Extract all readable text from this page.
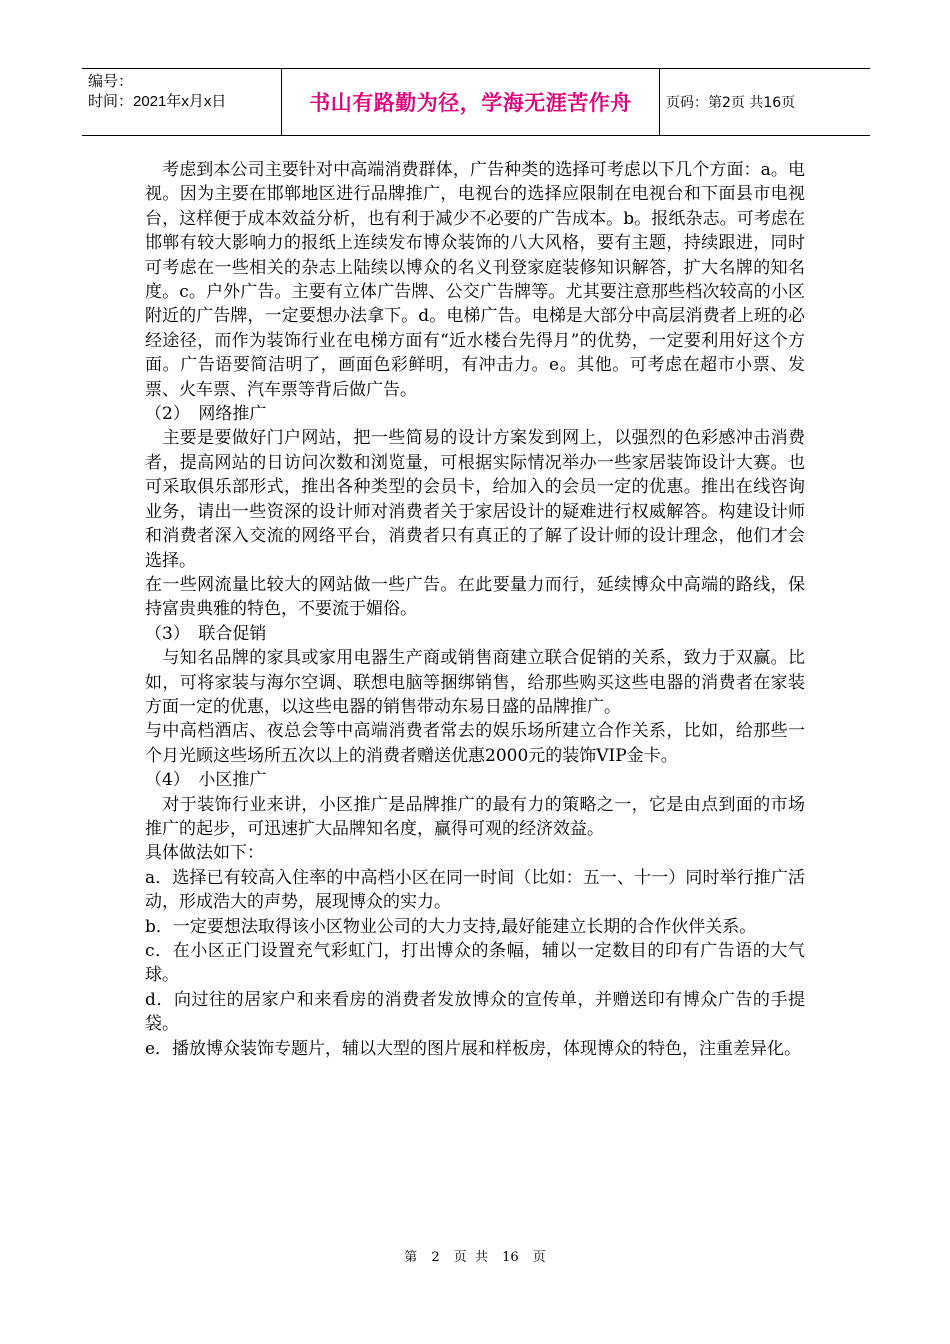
编号：
时间：2021年x月x日	书山有路勤为径，学海无涯苦作舟	页码：第2页 共16页

　考虑到本公司主要针对中高端消费群体，广告种类的选择可考虑以下几个方面：a。电视。因为主要在邯郸地区进行品牌推广，电视台的选择应限制在电视台和下面县市电视台，这样便于成本效益分析，也有利于减少不必要的广告成本。b。报纸杂志。可考虑在邯郸有较大影响力的报纸上连续发布博众装饰的八大风格，要有主题，持续跟进，同时可考虑在一些相关的杂志上陆续以博众的名义刊登家庭装修知识解答，扩大名牌的知名度。c。户外广告。主要有立体广告牌、公交广告牌等。尤其要注意那些档次较高的小区附近的广告牌，一定要想办法拿下。d。电梯广告。电梯是大部分中高层消费者上班的必经途径，而作为装饰行业在电梯方面有“近水楼台先得月”的优势，一定要利用好这个方面。广告语要简洁明了，画面色彩鲜明，有冲击力。e。其他。可考虑在超市小票、发票、火车票、汽车票等背后做广告。

（2）　网络推广

　主要是要做好门户网站，把一些简易的设计方案发到网上，以强烈的色彩感冲击消费者，提高网站的日访问次数和浏览量，可根据实际情况举办一些家居装饰设计大赛。也可采取俱乐部形式，推出各种类型的会员卡，给加入的会员一定的优惠。推出在线咨询业务，请出一些资深的设计师对消费者关于家居设计的疑难进行权威解答。构建设计师和消费者深入交流的网络平台，消费者只有真正的了解了设计师的设计理念，他们才会选择。

在一些网流量比较大的网站做一些广告。在此要量力而行，延续博众中高端的路线，保持富贵典雅的特色，不要流于媚俗。

（3）　联合促销

　与知名品牌的家具或家用电器生产商或销售商建立联合促销的关系，致力于双赢。比如，可将家装与海尔空调、联想电脑等捆绑销售，给那些购买这些电器的消费者在家装方面一定的优惠，以这些电器的销售带动东易日盛的品牌推广。

与中高档酒店、夜总会等中高端消费者常去的娱乐场所建立合作关系，比如，给那些一个月光顾这些场所五次以上的消费者赠送优惠2000元的装饰VIP金卡。

（4）　小区推广

　对于装饰行业来讲，小区推广是品牌推广的最有力的策略之一，它是由点到面的市场推广的起步，可迅速扩大品牌知名度，赢得可观的经济效益。

具体做法如下：

a．选择已有较高入住率的中高档小区在同一时间（比如：五一、十一）同时举行推广活动，形成浩大的声势，展现博众的实力。

b．一定要想法取得该小区物业公司的大力支持,最好能建立长期的合作伙伴关系。

c．在小区正门设置充气彩虹门，打出博众的条幅，辅以一定数目的印有广告语的大气球。

d．向过往的居家户和来看房的消费者发放博众的宣传单，并赠送印有博众广告的手提袋。

e．播放博众装饰专题片，辅以大型的图片展和样板房，体现博众的特色，注重差异化。

第 2 页 共 16 页
